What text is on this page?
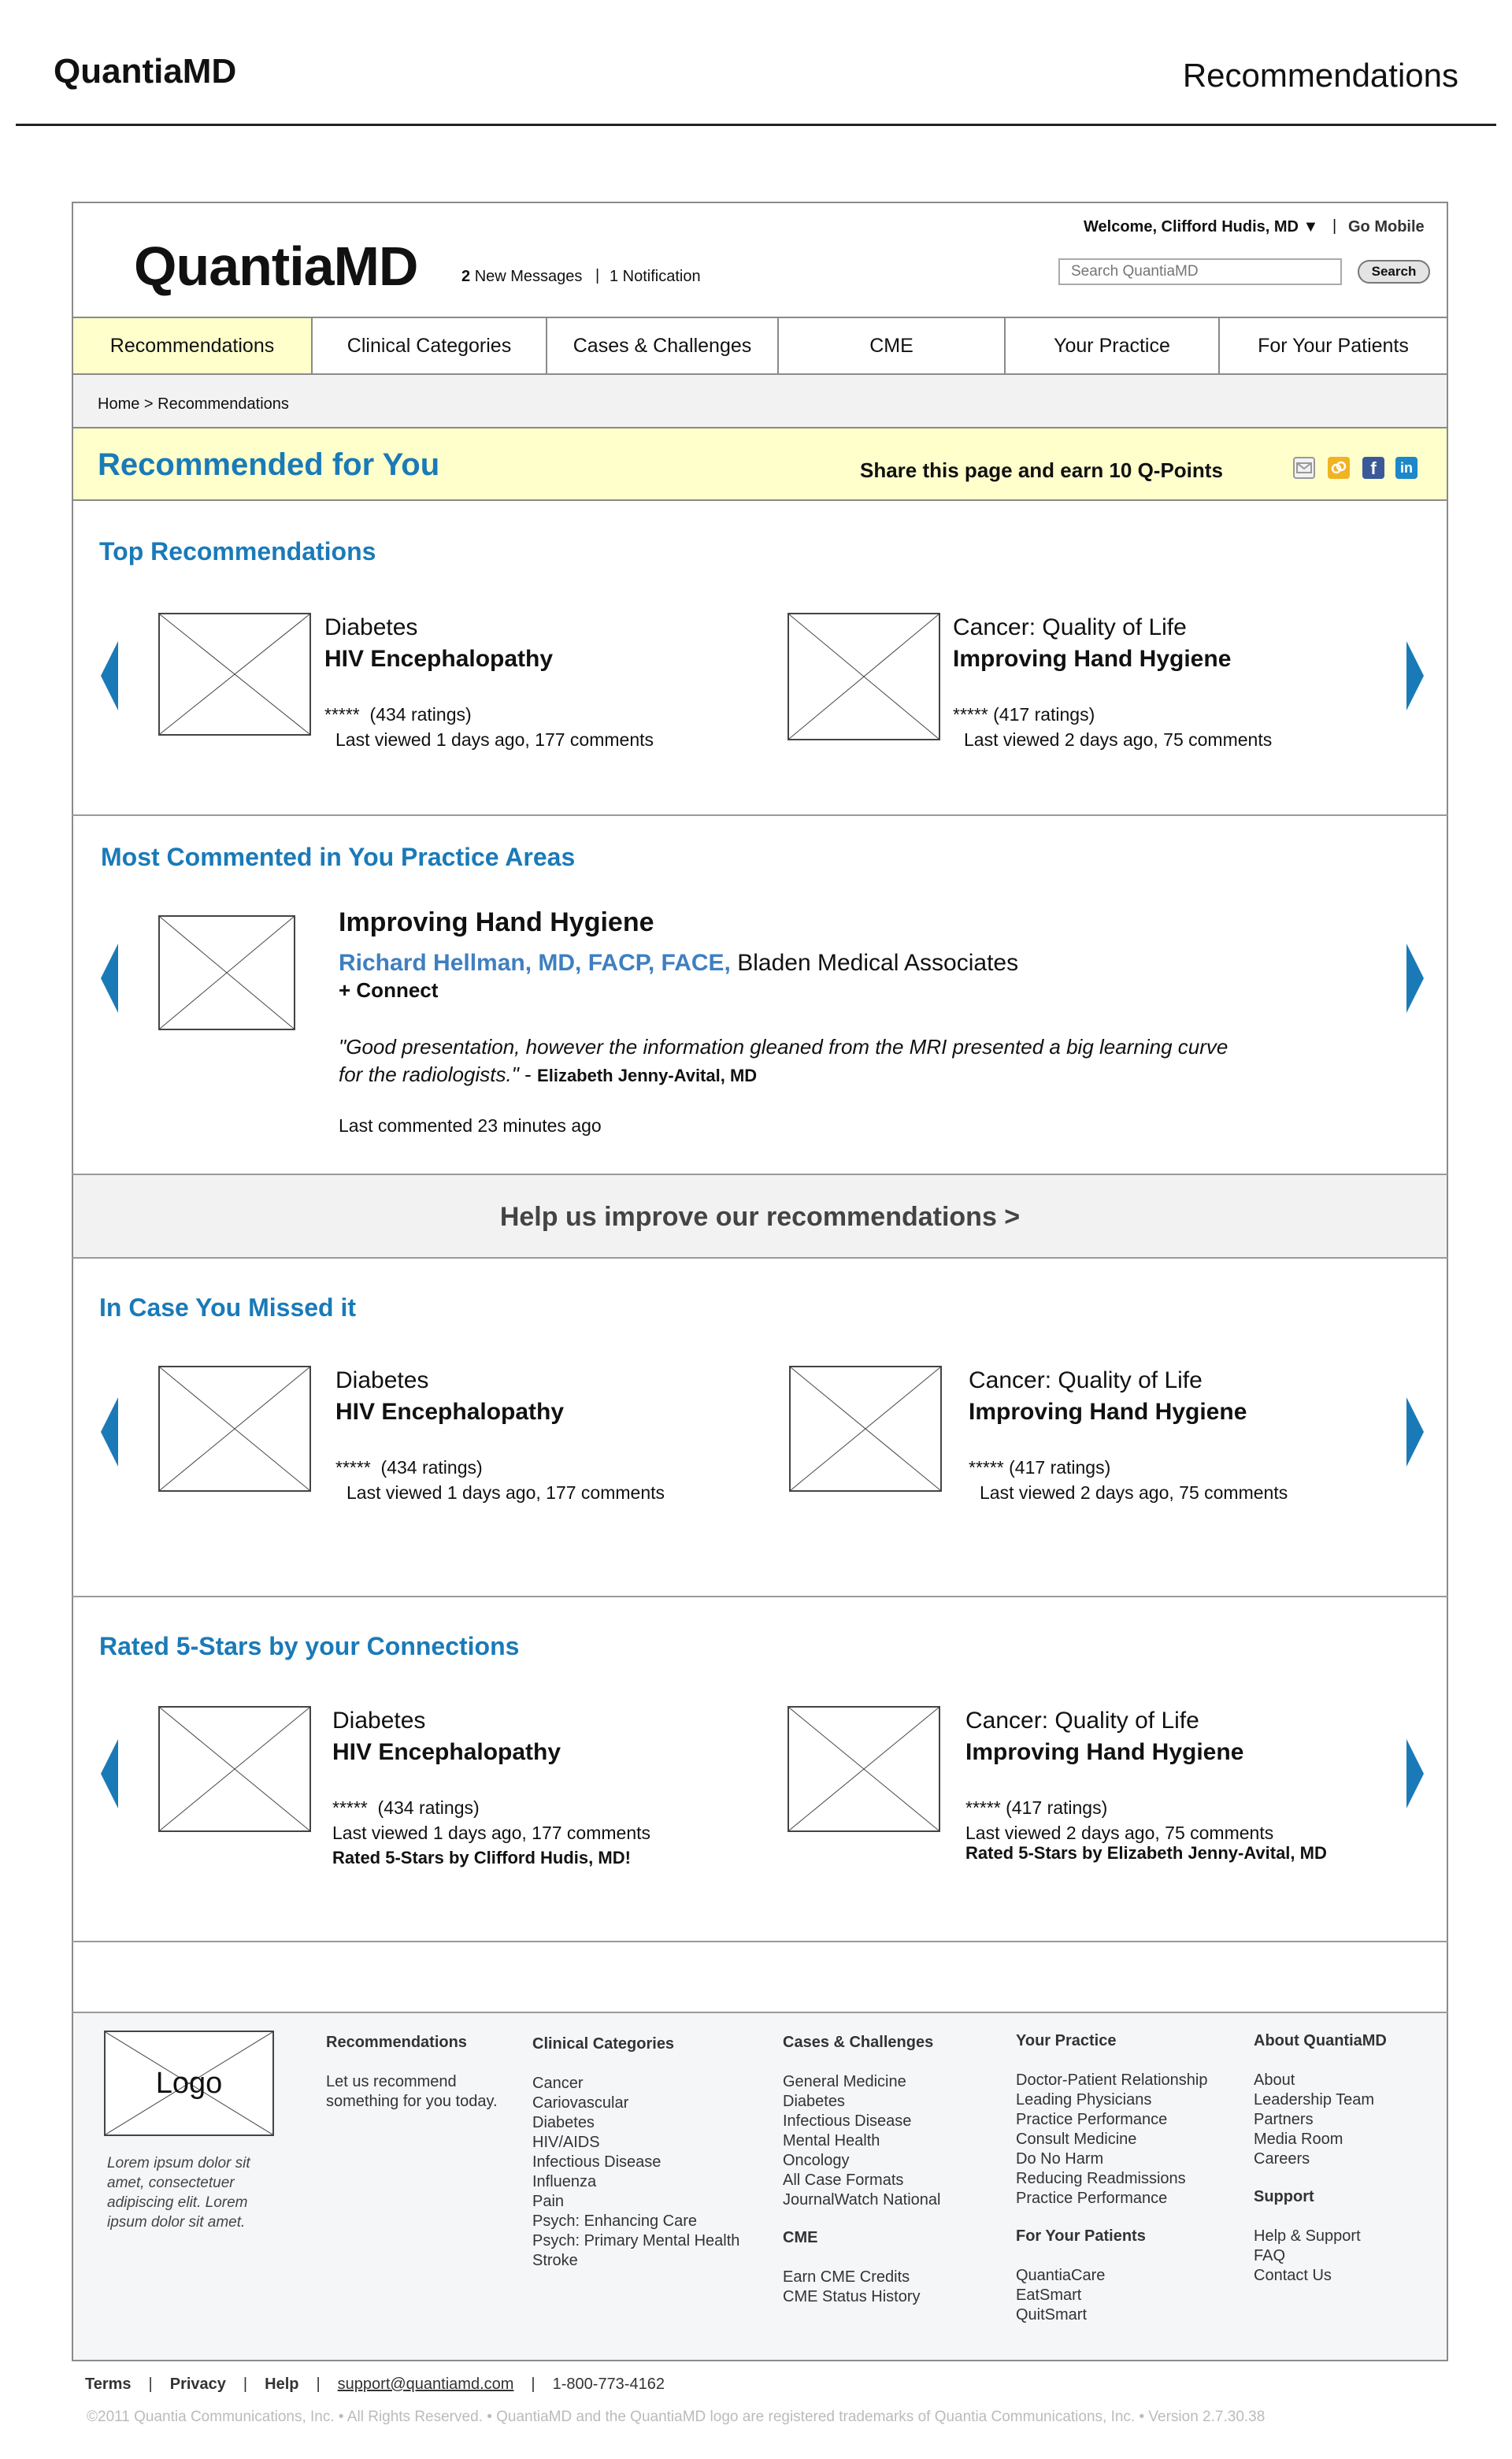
QuantiaMD	Recommendations
QuantiaMD	2 New Messages | 1 Notification
Welcome, Clifford Hudis, MD ▼ | Go Mobile
Search QuantiaMD
Search
Recommendations	Clinical Categories	Cases & Challenges	CME	Your Practice	For Your Patients
Home > Recommendations
Recommended for You	Share this page and earn 10 Q-Points	f	in
Top Recommendations
Diabetes
HIV Encephalopathy
*****  (434 ratings)
Last viewed 1 days ago, 177 comments
Cancer: Quality of Life
Improving Hand Hygiene
***** (417 ratings)
Last viewed 2 days ago, 75 comments
Most Commented in You Practice Areas
Improving Hand Hygiene
Richard Hellman, MD, FACP, FACE, Bladen Medical Associates
+ Connect
"Good presentation, however the information gleaned from the MRI presented a big learning curve
for the radiologists." - Elizabeth Jenny-Avital, MD
Last commented 23 minutes ago
Help us improve our recommendations >
In Case You Missed it
Diabetes
HIV Encephalopathy
*****  (434 ratings)
Last viewed 1 days ago, 177 comments
Cancer: Quality of Life
Improving Hand Hygiene
***** (417 ratings)
Last viewed 2 days ago, 75 comments
Rated 5-Stars by your Connections
Diabetes
HIV Encephalopathy
*****  (434 ratings)
Last viewed 1 days ago, 177 comments
Rated 5-Stars by Clifford Hudis, MD!
Cancer: Quality of Life
Improving Hand Hygiene
***** (417 ratings)
Last viewed 2 days ago, 75 comments
Rated 5-Stars by Elizabeth Jenny-Avital, MD
Logo
Lorem ipsum dolor sit
amet, consectetuer
adipiscing elit. Lorem
ipsum dolor sit amet.
Recommendations
Let us recommend
something for you today.
Clinical Categories
Cancer
Cariovascular
Diabetes
HIV/AIDS
Infectious Disease
Influenza
Pain
Psych: Enhancing Care
Psych: Primary Mental Health
Stroke
Cases & Challenges
General Medicine
Diabetes
Infectious Disease
Mental Health
Oncology
All Case Formats
JournalWatch National
CME
Earn CME Credits
CME Status History
Your Practice
Doctor-Patient Relationship
Leading Physicians
Practice Performance
Consult Medicine
Do No Harm
Reducing Readmissions
Practice Performance
For Your Patients
QuantiaCare
EatSmart
QuitSmart
About QuantiaMD
About
Leadership Team
Partners
Media Room
Careers
Support
Help & Support
FAQ
Contact Us
Terms | Privacy | Help | support@quantiamd.com | 1-800-773-4162
©2011 Quantia Communications, Inc. • All Rights Reserved. • QuantiaMD and the QuantiaMD logo are registered trademarks of Quantia Communications, Inc. • Version 2.7.30.38
